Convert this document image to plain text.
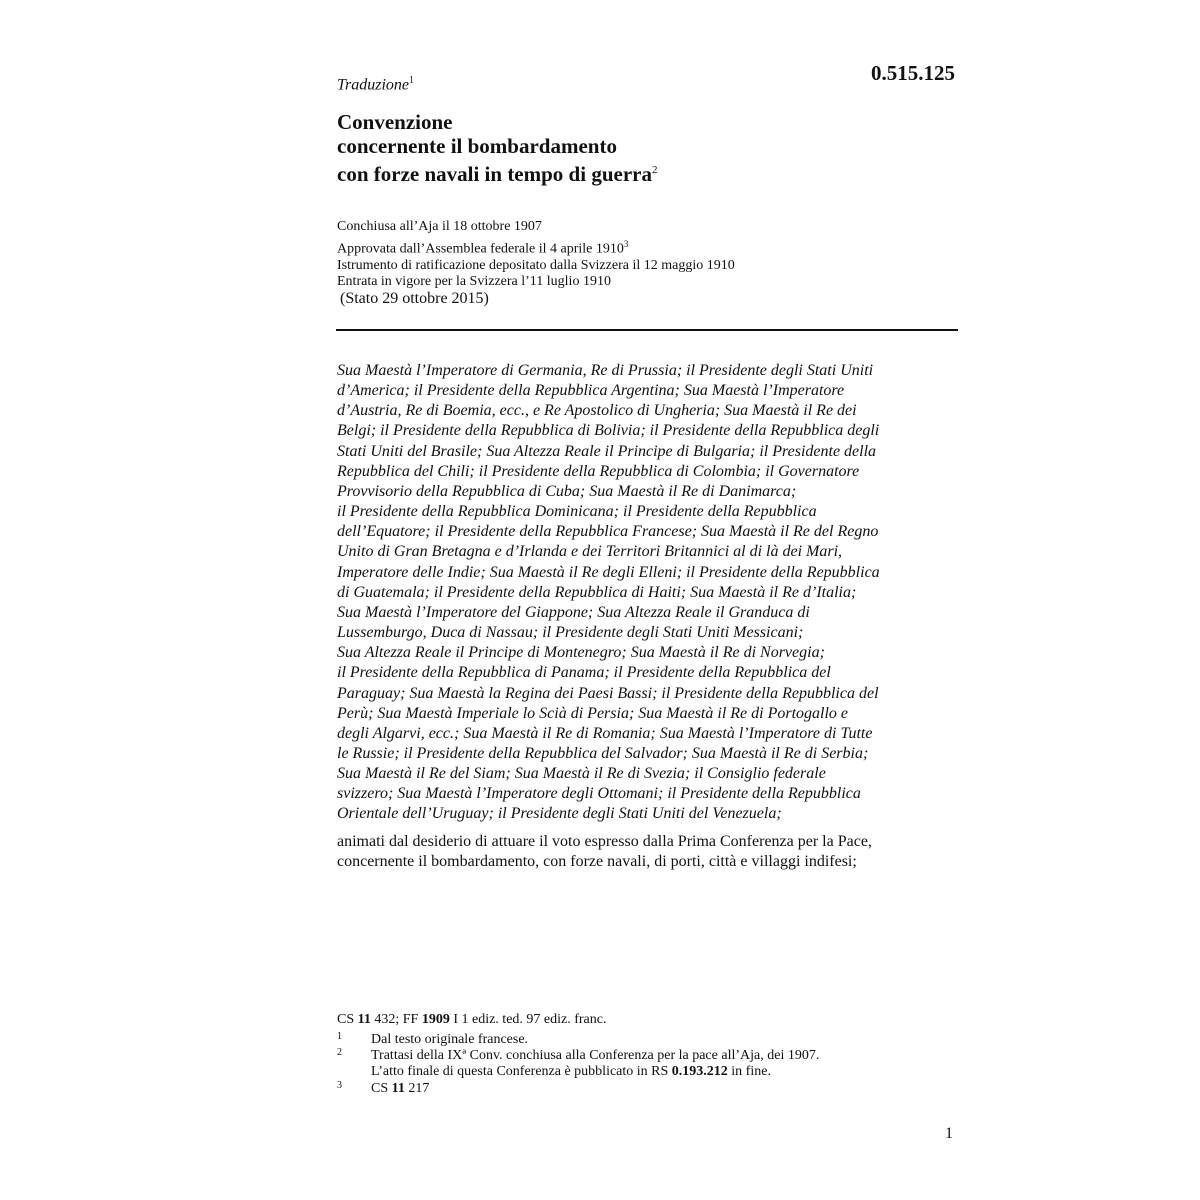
Traduzione$^1$	0.515.125
Convenzione
concernente il bombardamento
con forze navali in tempo di guerra$^2$
Conchiusa all’Aja il 18 ottobre 1907
Approvata dall’Assemblea federale il 4 aprile 1910$^3$
Istrumento di ratificazione depositato dalla Svizzera il 12 maggio 1910
Entrata in vigore per la Svizzera l’11 luglio 1910
(Stato 29 ottobre 2015)
Sua Maestà l’Imperatore di Germania, Re di Prussia; il Presidente degli Stati Uniti
d’America; il Presidente della Repubblica Argentina; Sua Maestà l’Imperatore
d’Austria, Re di Boemia, ecc., e Re Apostolico di Ungheria; Sua Maestà il Re dei
Belgi; il Presidente della Repubblica di Bolivia; il Presidente della Repubblica degli
Stati Uniti del Brasile; Sua Altezza Reale il Principe di Bulgaria; il Presidente della
Repubblica del Chili; il Presidente della Repubblica di Colombia; il Governatore
Provvisorio della Repubblica di Cuba; Sua Maestà il Re di Danimarca;
il Presidente della Repubblica Dominicana; il Presidente della Repubblica
dell’Equatore; il Presidente della Repubblica Francese; Sua Maestà il Re del Regno
Unito di Gran Bretagna e d’Irlanda e dei Territori Britannici al di là dei Mari,
Imperatore delle Indie; Sua Maestà il Re degli Elleni; il Presidente della Repubblica
di Guatemala; il Presidente della Repubblica di Haiti; Sua Maestà il Re d’Italia;
Sua Maestà l’Imperatore del Giappone; Sua Altezza Reale il Granduca di
Lussemburgo, Duca di Nassau; il Presidente degli Stati Uniti Messicani;
Sua Altezza Reale il Principe di Montenegro; Sua Maestà il Re di Norvegia;
il Presidente della Repubblica di Panama; il Presidente della Repubblica del
Paraguay; Sua Maestà la Regina dei Paesi Bassi; il Presidente della Repubblica del
Perù; Sua Maestà Imperiale lo Scià di Persia; Sua Maestà il Re di Portogallo e
degli Algarvi, ecc.; Sua Maestà il Re di Romania; Sua Maestà l’Imperatore di Tutte
le Russie; il Presidente della Repubblica del Salvador; Sua Maestà il Re di Serbia;
Sua Maestà il Re del Siam; Sua Maestà il Re di Svezia; il Consiglio federale
svizzero; Sua Maestà l’Imperatore degli Ottomani; il Presidente della Repubblica
Orientale dell’Uruguay; il Presidente degli Stati Uniti del Venezuela;
animati dal desiderio di attuare il voto espresso dalla Prima Conferenza per la Pace,
concernente il bombardamento, con forze navali, di porti, città e villaggi indifesi;
CS 11 432; FF 1909 I 1 ediz. ted. 97 ediz. franc.
1 Dal testo originale francese.
2 Trattasi della IXª Conv. conchiusa alla Conferenza per la pace all’Aja, dei 1907.
L’atto finale di questa Conferenza è pubblicato in RS 0.193.212 in fine.
3 CS 11 217
1
